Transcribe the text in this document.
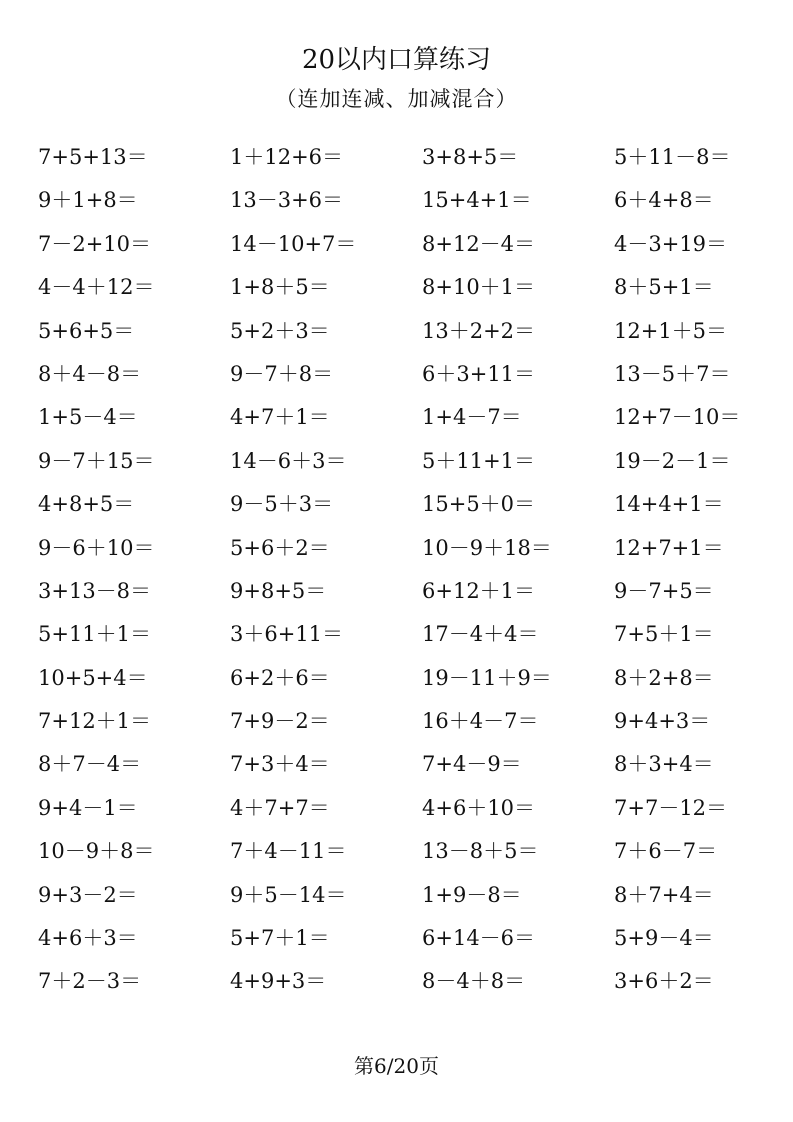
20以内口算练习
（连加连减、加减混合）
7+5+13＝	1＋12+6＝	3+8+5＝	5＋11－8＝
9＋1+8＝	13－3+6＝	15+4+1＝	6＋4+8＝
7－2+10＝	14－10+7＝	8+12－4＝	4－3+19＝
4－4＋12＝	1+8＋5＝	8+10＋1＝	8＋5+1＝
5+6+5＝	5+2＋3＝	13＋2+2＝	12+1＋5＝
8＋4－8＝	9－7＋8＝	6＋3+11＝	13－5＋7＝
1+5－4＝	4+7＋1＝	1+4－7＝	12+7－10＝
9－7＋15＝	14－6＋3＝	5＋11+1＝	19－2－1＝
4+8+5＝	9－5＋3＝	15+5＋0＝	14+4+1＝
9－6＋10＝	5+6＋2＝	10－9＋18＝	12+7+1＝
3+13－8＝	9+8+5＝	6+12＋1＝	9－7+5＝
5+11＋1＝	3＋6+11＝	17－4＋4＝	7+5＋1＝
10+5+4＝	6+2＋6＝	19－11＋9＝	8＋2+8＝
7+12＋1＝	7+9－2＝	16＋4－7＝	9+4+3＝
8＋7－4＝	7+3＋4＝	7+4－9＝	8＋3+4＝
9+4－1＝	4＋7+7＝	4+6＋10＝	7+7－12＝
10－9＋8＝	7＋4－11＝	13－8＋5＝	7＋6－7＝
9+3－2＝	9＋5－14＝	1+9－8＝	8＋7+4＝
4+6＋3＝	5+7＋1＝	6+14－6＝	5+9－4＝
7＋2－3＝	4+9+3＝	8－4＋8＝	3+6＋2＝
第6/20页
